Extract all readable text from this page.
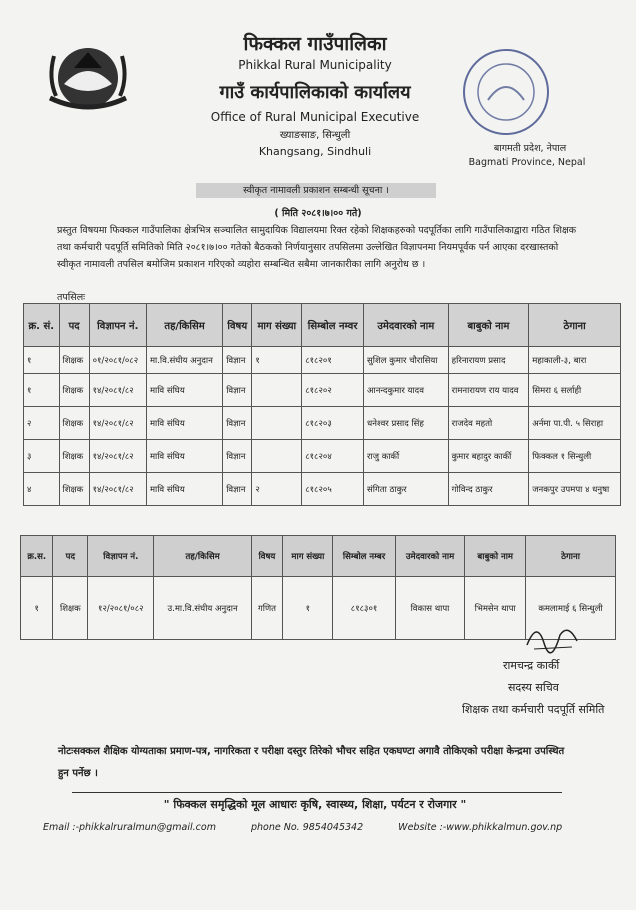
फिक्कल गाउँपालिका
Phikkal Rural Municipality
गाउँ कार्यपालिकाको कार्यालय
Office of Rural Municipal Executive
ख्याङसाङ, सिन्धुली
Khangsang, Sindhuli	बागमती प्रदेश, नेपाल
Bagmati Province, Nepal
स्वीकृत नामावली प्रकाशन सम्बन्धी सूचना ।
( मिति २०८१।७।०० गते)
प्रस्तुत विषयमा फिक्कल गाउँपालिका क्षेत्रभित्र सञ्चालित सामुदायिक विद्यालयमा रिक्त रहेको शिक्षकहरुको पदपूर्तिका लागि गाउँपालिकाद्वारा गठित शिक्षक तथा कर्मचारी पदपूर्ति समितिको मिति २०८१।७।०० गतेको बैठकको निर्णयानुसार तपसिलमा उल्लेखित विज्ञापनमा नियमपूर्वक पर्न आएका दरखास्तको स्वीकृत नामावली तपसिल बमोजिम प्रकाशन गरिएको व्यहोरा सम्बन्धित सबैमा जानकारीका लागि अनुरोध छ ।
तपसिलः
क्र. सं.	पद	विज्ञापन नं.	तह/किसिम	विषय	माग संख्या	सिम्बोल नम्वर	उमेदवारको नाम	बाबुको नाम	ठेगाना
१	शिक्षक	०१/२०८१/०८२	मा.वि.संघीय अनुदान	विज्ञान	१	८१८२०१	सुशिल कुमार चौरासिया	हरिनारायण प्रसाद	महाकाली-३, बारा
१	शिक्षक	१४/२०८१/८२	मावि संघिय	विज्ञान		८१८२०२	आनन्दकुमार यादव	रामनारायण राय यादव	सिमरा ६ सर्लाही
२	शिक्षक	१४/२०८१/८२	मावि संघिय	विज्ञान		८१८२०३	धनेश्वर प्रसाद सिंह	राजदेव महतो	अर्नमा पा.पी. ५ सिराहा
३	शिक्षक	१४/२०८१/८२	मावि संघिय	विज्ञान		८१८२०४	राजु कार्की	कुमार बहादुर कार्की	फिक्कल १ सिन्धुली
४	शिक्षक	१४/२०८१/८२	मावि संघिय	विज्ञान	२	८१८२०५	संगिता ठाकुर	गोविन्द ठाकुर	जनकपुर उपमपा ४ धनुषा
क्र.स.	पद	विज्ञापन नं.	तह/किसिम	विषय	माग संख्या	सिम्बोल नम्बर	उमेदवारको नाम	बाबुको नाम	ठेगाना
१	शिक्षक	१२/२०८१/०८२	उ.मा.वि.संघीय अनुदान	गणित	१	८१८३०१	विकास थापा	भिमसेन थापा	कमलामाई ६ सिन्धुली
रामचन्द्र कार्की
सदस्य सचिव
शिक्षक तथा कर्मचारी पदपूर्ति समिति
नोटःसक्कल शैक्षिक योग्यताका प्रमाण-पत्र, नागरिकता र परीक्षा दस्तुर तिरेको भौचर सहित एकघण्टा अगावै तोकिएको परीक्षा केन्द्रमा उपस्थित हुन पर्नेछ ।
" फिक्कल समृद्धिको मूल आधारः कृषि, स्वास्थ्य, शिक्षा, पर्यटन र रोजगार "
Email :-phikkalruralmun@gmail.com	phone No. 9854045342	Website :-www.phikkalmun.gov.np
